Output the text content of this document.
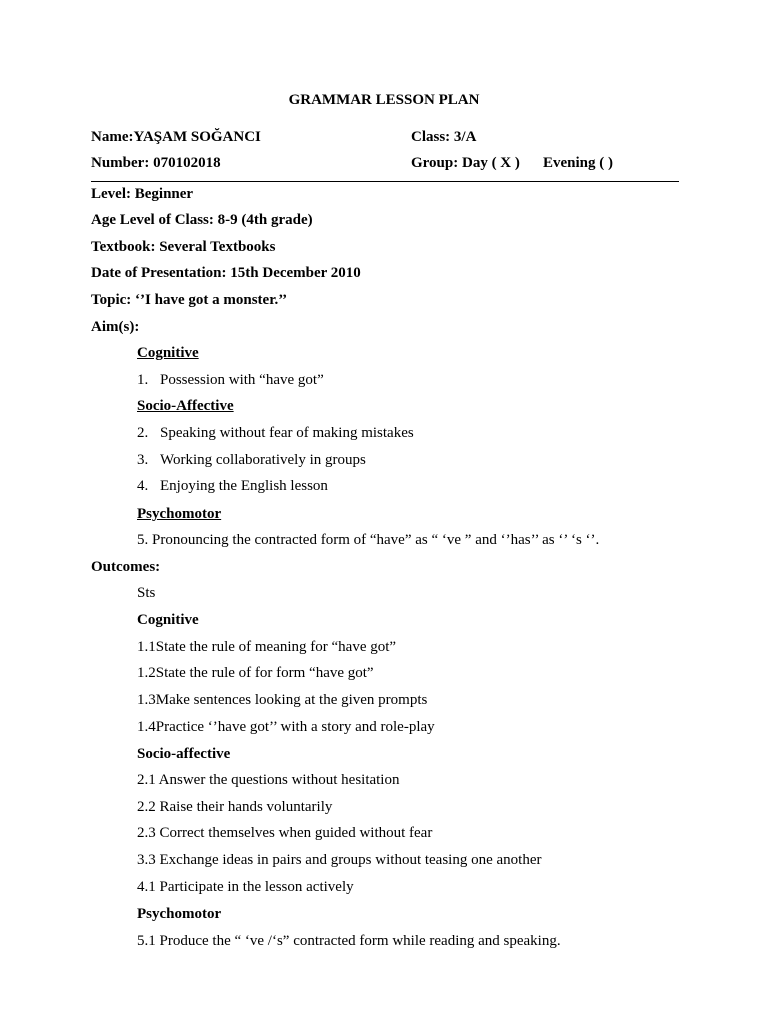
GRAMMAR LESSON PLAN
Name:YAŞAM SOĞANCI	Class: 3/A
Number: 070102018	Group: Day ( X ) Evening ( )
Level: Beginner
Age Level of Class: 8-9 (4th grade)
Textbook: Several Textbooks
Date of Presentation: 15th December 2010
Topic: ‘’I have got a monster.’’
Aim(s):
Cognitive
1. Possession with “have got”
Socio-Affective
2. Speaking without fear of making mistakes
3. Working collaboratively in groups
4. Enjoying the English lesson
Psychomotor
5. Pronouncing the contracted form of “have” as “ ‘ve ” and ‘’has’’ as ‘’ ‘s ‘’.
Outcomes:
Sts
Cognitive
1.1State the rule of meaning for “have got”
1.2State the rule of for form “have got”
1.3Make sentences looking at the given prompts
1.4Practice ‘’have got’’ with a story and role-play
Socio-affective
2.1 Answer the questions without hesitation
2.2 Raise their hands voluntarily
2.3 Correct themselves when guided without fear
3.3 Exchange ideas in pairs and groups without teasing one another
4.1 Participate in the lesson actively
Psychomotor
5.1 Produce the “ ‘ve /‘s” contracted form while reading and speaking.
